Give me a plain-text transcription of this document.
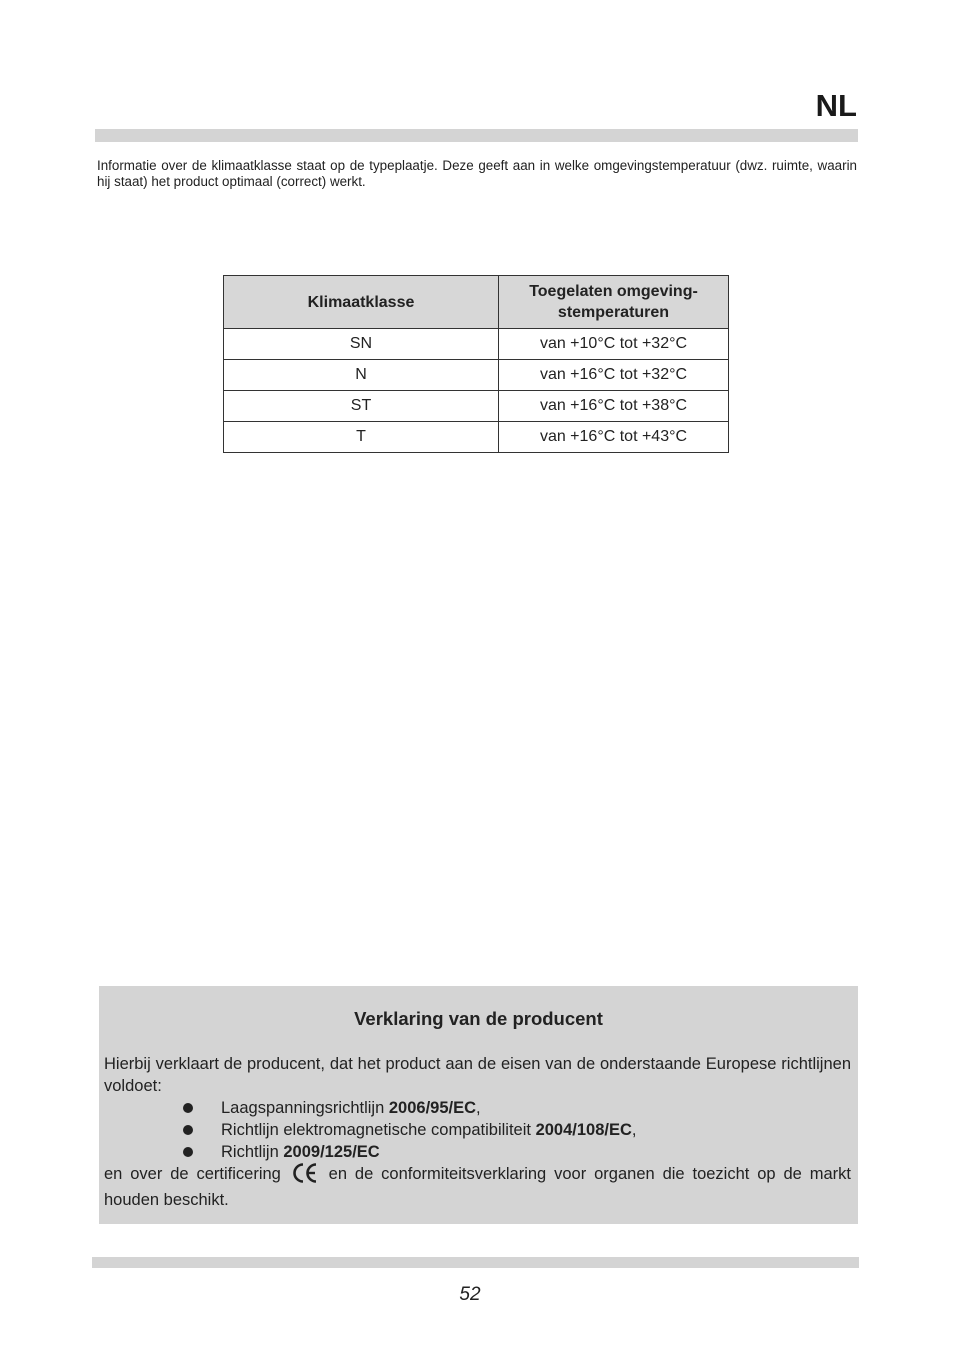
NL

Informatie over de klimaatklasse staat op de typeplaatje. Deze geeft aan in welke omgevingstemperatuur (dwz. ruimte, waarin hij staat) het product optimaal (correct) werkt.

Klimaatklasse	Toegelaten omgeving-
stemperaturen
SN	van +10°C tot +32°C
N	van +16°C tot +32°C
ST	van +16°C tot +38°C
T	van +16°C tot +43°C
Verklaring van de producent

Hierbij verklaart de producent, dat het product aan de eisen van de onderstaande Europese richtlijnen voldoet:

Laagspanningsrichtlijn
2006/95/EC ,
Richtlijn elektromagnetische compatibiliteit
2004/108/EC ,
Richtlijn
2009/125/EC

en over de certificering	en de conformiteitsverklaring voor organen die toezicht op de markt houden beschikt.

52
